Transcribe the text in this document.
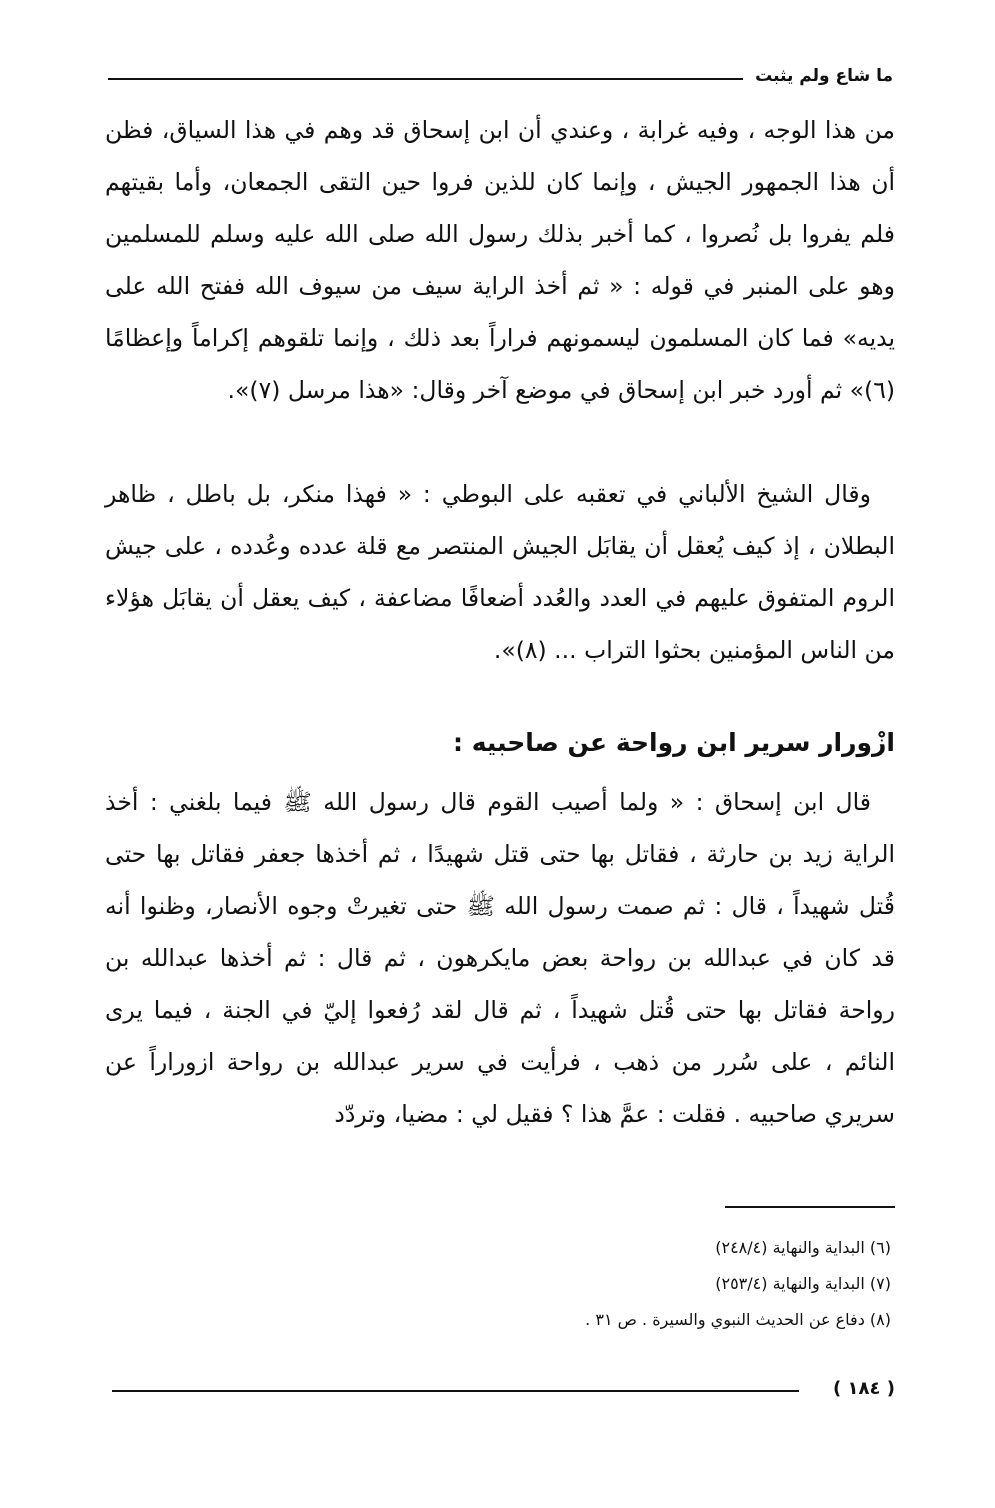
ما شاع ولم يثبت

من هذا الوجه ، وفيه غرابة ، وعندي أن ابن إسحاق قد وهم في هذا السياق، فظن أن هذا الجمهور الجيش ، وإنما كان للذين فروا حين التقى الجمعان، وأما بقيتهم فلم يفروا بل نُصروا ، كما أخبر بذلك رسول الله صلى الله عليه وسلم للمسلمين وهو على المنبر في قوله : « ثم أخذ الراية سيف من سيوف الله ففتح الله على يديه» فما كان المسلمون ليسمونهم فراراً بعد ذلك ، وإنما تلقوهم إكراماً وإعظامًا (٦)» ثم أورد خبر ابن إسحاق في موضع آخر وقال: «هذا مرسل (٧)».

وقال الشيخ الألباني في تعقبه على البوطي : « فهذا منكر، بل باطل ، ظاهر البطلان ، إذ كيف يُعقل أن يقابَل الجيش المنتصر مع قلة عدده وعُدده ، على جيش الروم المتفوق عليهم في العدد والعُدد أضعافًا مضاعفة ، كيف يعقل أن يقابَل هؤلاء من الناس المؤمنين بحثوا التراب ... (٨)».

ازْورار سرير ابن رواحة عن صاحبيه :

قال ابن إسحاق : « ولما أصيب القوم قال رسول الله ﷺ فيما بلغني : أخذ الراية زيد بن حارثة ، فقاتل بها حتى قتل شهيدًا ، ثم أخذها جعفر فقاتل بها حتى قُتل شهيداً ، قال : ثم صمت رسول الله ﷺ حتى تغيرتْ وجوه الأنصار، وظنوا أنه قد كان في عبدالله بن رواحة بعض مايكرهون ، ثم قال : ثم أخذها عبدالله بن رواحة فقاتل بها حتى قُتل شهيداً ، ثم قال لقد رُفعوا إليّ في الجنة ، فيما يرى النائم ، على سُرر من ذهب ، فرأيت في سرير عبدالله بن رواحة ازوراراً عن سريري صاحبيه . فقلت : عمَّ هذا ؟ فقيل لي : مضيا، وتردّد

(٦) البداية والنهاية (٢٤٨/٤)
(٧) البداية والنهاية (٢٥٣/٤)
(٨) دفاع عن الحديث النبوي والسيرة . ص ٣١ .
( ١٨٤ )
